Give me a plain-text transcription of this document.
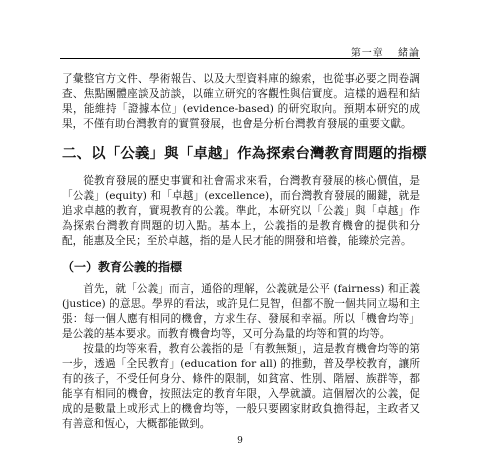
第一章 緒論

了彙整官方文件、學術報告、以及大型資料庫的線索，也從事必要之問卷調查、焦點團體座談及訪談，以確立研究的客觀性與信實度。這樣的過程和結果，能維持「證據本位」(evidence-based) 的研究取向。預期本研究的成果，不僅有助台灣教育的實質發展，也會是分析台灣教育發展的重要文獻。

二、以「公義」與「卓越」作為探索台灣教育問題的指標

從教育發展的歷史事實和社會需求來看，台灣教育發展的核心價值，是「公義」(equity) 和「卓越」(excellence)，而台灣教育發展的關鍵，就是追求卓越的教育，實現教育的公義。準此，本研究以「公義」與「卓越」作為探索台灣教育問題的切入點。基本上，公義指的是教育機會的提供和分配，能惠及全民；至於卓越，指的是人民才能的開發和培養，能臻於完善。

（一）教育公義的指標

首先，就「公義」而言，通俗的理解，公義就是公平 (fairness) 和正義 (justice) 的意思。學界的看法，或許見仁見智，但都不脫一個共同立場和主張：每一個人應有相同的機會，方求生存、發展和幸福。所以「機會均等」是公義的基本要求。而教育機會均等，又可分為量的均等和質的均等。

按量的均等來看，教育公義指的是「有教無類」，這是教育機會均等的第一步，透過「全民教育」(education for all) 的推動，普及學校教育，讓所有的孩子，不受任何身分、條件的限制，如貧富、性別、階層、族群等，都能享有相同的機會，按照法定的教育年限，入學就讀。這個層次的公義，促成的是數量上或形式上的機會均等，一般只要國家財政負擔得起，主政者又有善意和恆心，大概都能做到。

9
